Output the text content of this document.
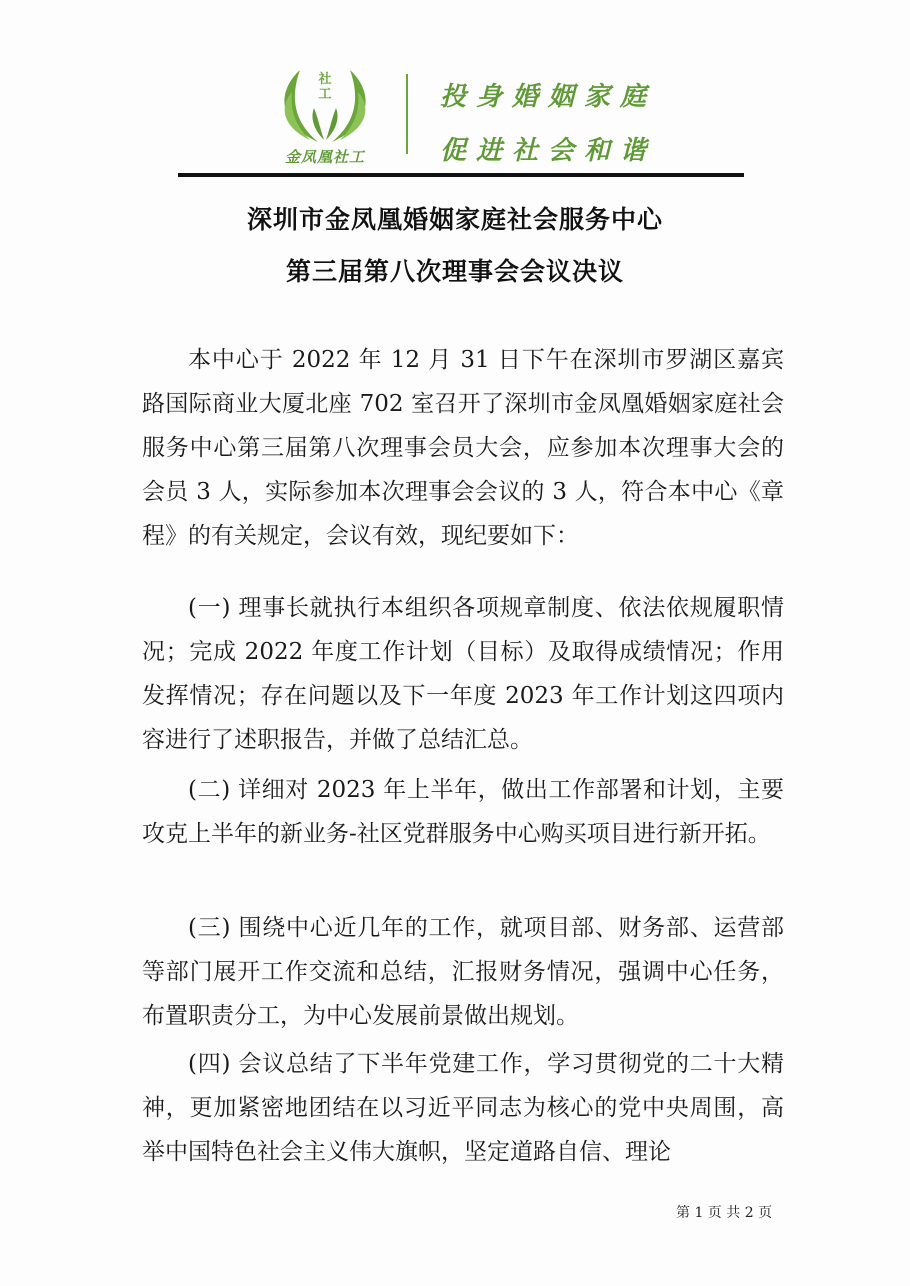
社
工
金凤凰社工
投身婚姻家庭
促进社会和谐
深圳市金凤凰婚姻家庭社会服务中心
第三届第八次理事会会议决议

本中心于 2022 年 12 月 31 日下午在深圳市罗湖区嘉宾路国际商业大厦北座 702 室召开了深圳市金凤凰婚姻家庭社会服务中心第三届第八次理事会员大会，应参加本次理事大会的会员 3 人，实际参加本次理事会会议的 3 人，符合本中心《章程》的有关规定，会议有效，现纪要如下：

(一) 理事长就执行本组织各项规章制度、依法依规履职情况；完成 2022 年度工作计划（目标）及取得成绩情况；作用发挥情况；存在问题以及下一年度 2023 年工作计划这四项内容进行了述职报告，并做了总结汇总。

(二) 详细对 2023 年上半年，做出工作部署和计划，主要攻克上半年的新业务-社区党群服务中心购买项目进行新开拓。

(三) 围绕中心近几年的工作，就项目部、财务部、运营部等部门展开工作交流和总结，汇报财务情况，强调中心任务，布置职责分工，为中心发展前景做出规划。

(四) 会议总结了下半年党建工作，学习贯彻党的二十大精神，更加紧密地团结在以习近平同志为核心的党中央周围，高举中国特色社会主义伟大旗帜，坚定道路自信、理论

第 1 页 共 2 页
